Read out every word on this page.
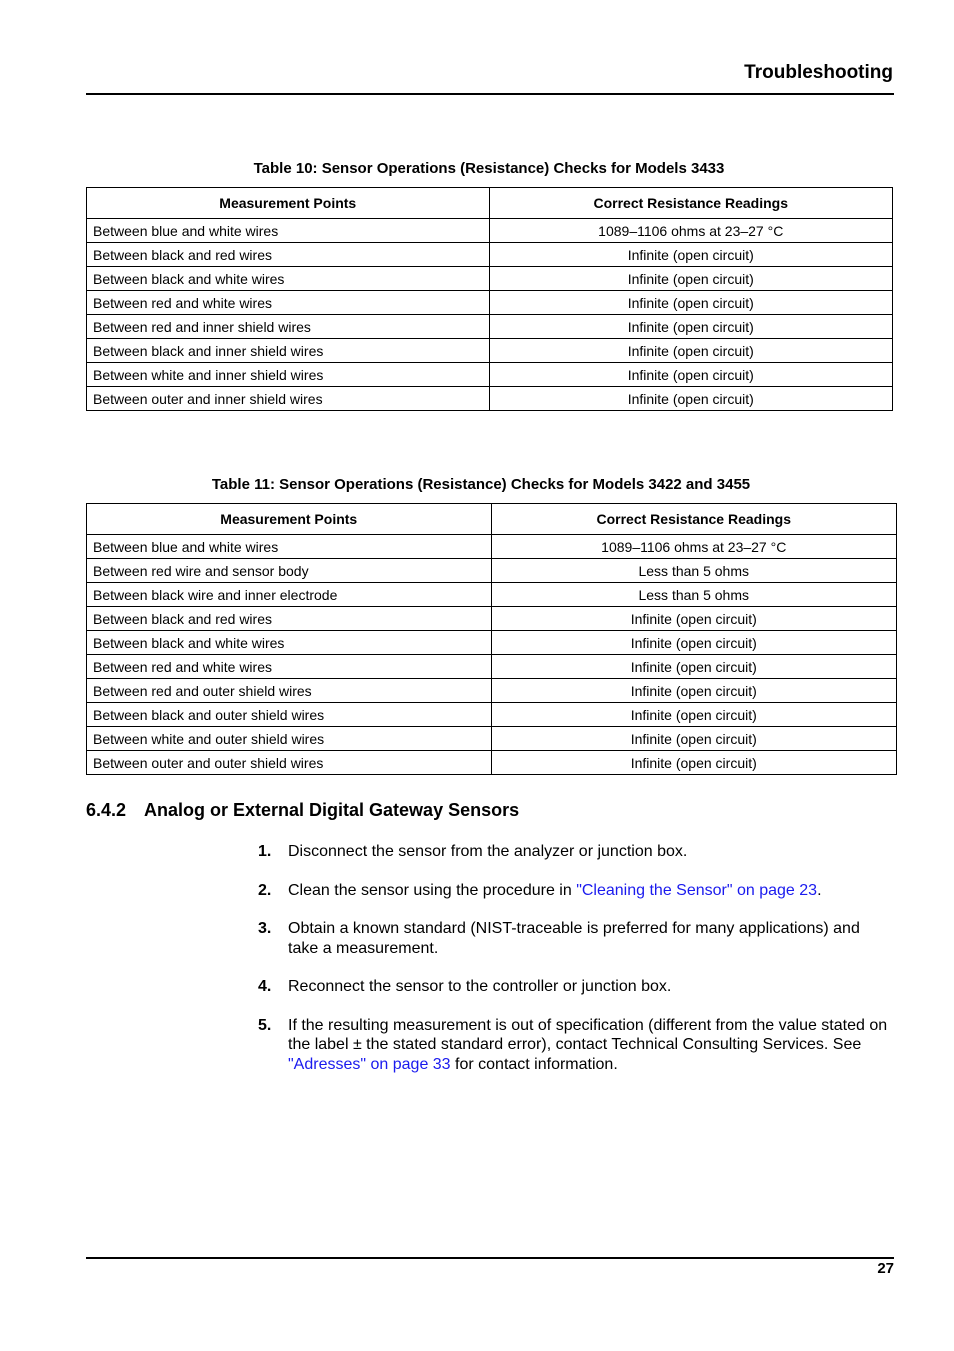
Troubleshooting
Table 10: Sensor Operations (Resistance) Checks for Models 3433
Measurement Points	Correct Resistance Readings
Between blue and white wires	1089–1106 ohms at 23–27 °C
Between black and red wires	Infinite (open circuit)
Between black and white wires	Infinite (open circuit)
Between red and white wires	Infinite (open circuit)
Between red and inner shield wires	Infinite (open circuit)
Between black and inner shield wires	Infinite (open circuit)
Between white and inner shield wires	Infinite (open circuit)
Between outer and inner shield wires	Infinite (open circuit)
Table 11: Sensor Operations (Resistance) Checks for Models 3422 and 3455
Measurement Points	Correct Resistance Readings
Between blue and white wires	1089–1106 ohms at 23–27 °C
Between red wire and sensor body	Less than 5 ohms
Between black wire and inner electrode	Less than 5 ohms
Between black and red wires	Infinite (open circuit)
Between black and white wires	Infinite (open circuit)
Between red and white wires	Infinite (open circuit)
Between red and outer shield wires	Infinite (open circuit)
Between black and outer shield wires	Infinite (open circuit)
Between white and outer shield wires	Infinite (open circuit)
Between outer and outer shield wires	Infinite (open circuit)
6.4.2 Analog or External Digital Gateway Sensors
1. Disconnect the sensor from the analyzer or junction box.
2. Clean the sensor using the procedure in "Cleaning the Sensor" on page 23.
3. Obtain a known standard (NIST-traceable is preferred for many applications) and take a measurement.
4. Reconnect the sensor to the controller or junction box.
5. If the resulting measurement is out of specification (different from the value stated on the label ± the stated standard error), contact Technical Consulting Services. See "Adresses" on page 33 for contact information.
27
